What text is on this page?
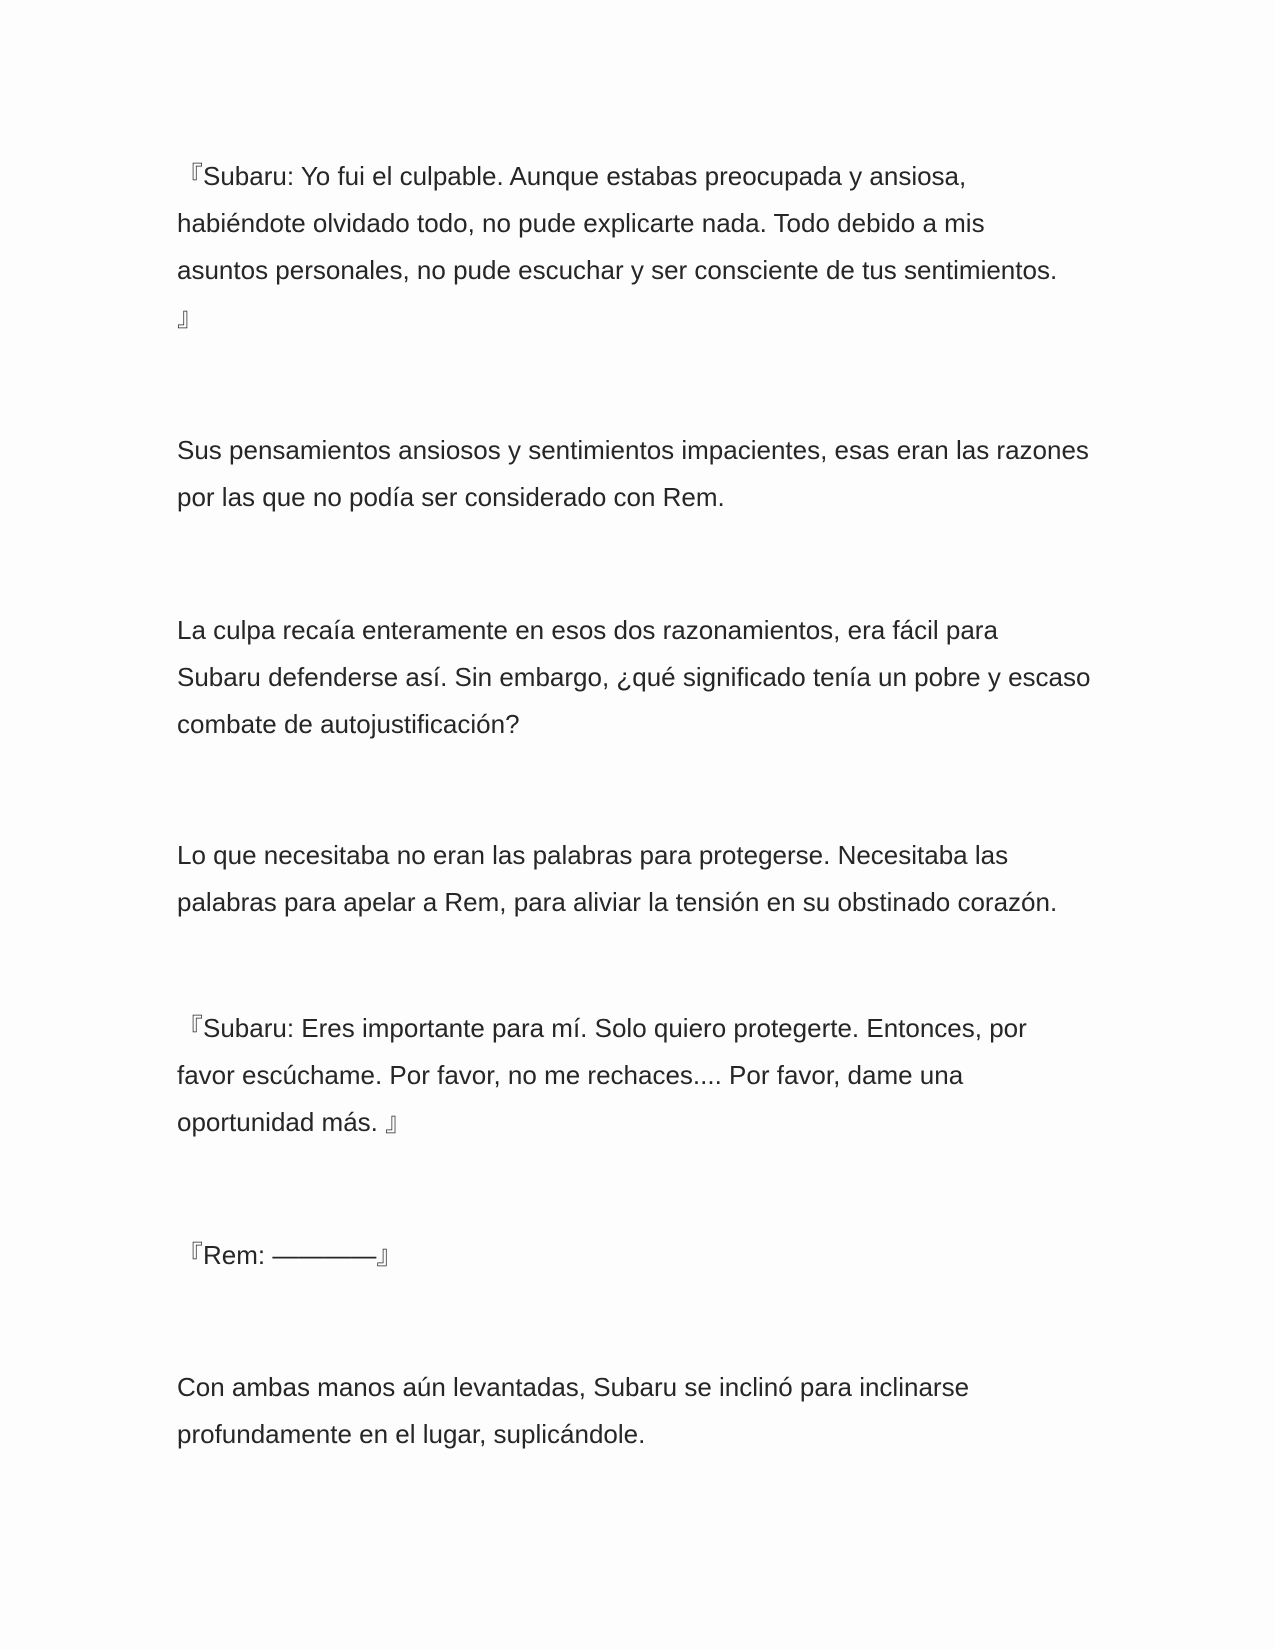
『Subaru: Yo fui el culpable. Aunque estabas preocupada y ansiosa,
habiéndote olvidado todo, no pude explicarte nada. Todo debido a mis
asuntos personales, no pude escuchar y ser consciente de tus sentimientos.
』

Sus pensamientos ansiosos y sentimientos impacientes, esas eran las razones
por las que no podía ser considerado con Rem.

La culpa recaía enteramente en esos dos razonamientos, era fácil para
Subaru defenderse así. Sin embargo, ¿qué significado tenía un pobre y escaso
combate de autojustificación?

Lo que necesitaba no eran las palabras para protegerse. Necesitaba las
palabras para apelar a Rem, para aliviar la tensión en su obstinado corazón.

『Subaru: Eres importante para mí. Solo quiero protegerte. Entonces, por
favor escúchame. Por favor, no me rechaces.... Por favor, dame una
oportunidad más. 』

『Rem: ————』

Con ambas manos aún levantadas, Subaru se inclinó para inclinarse
profundamente en el lugar, suplicándole.
